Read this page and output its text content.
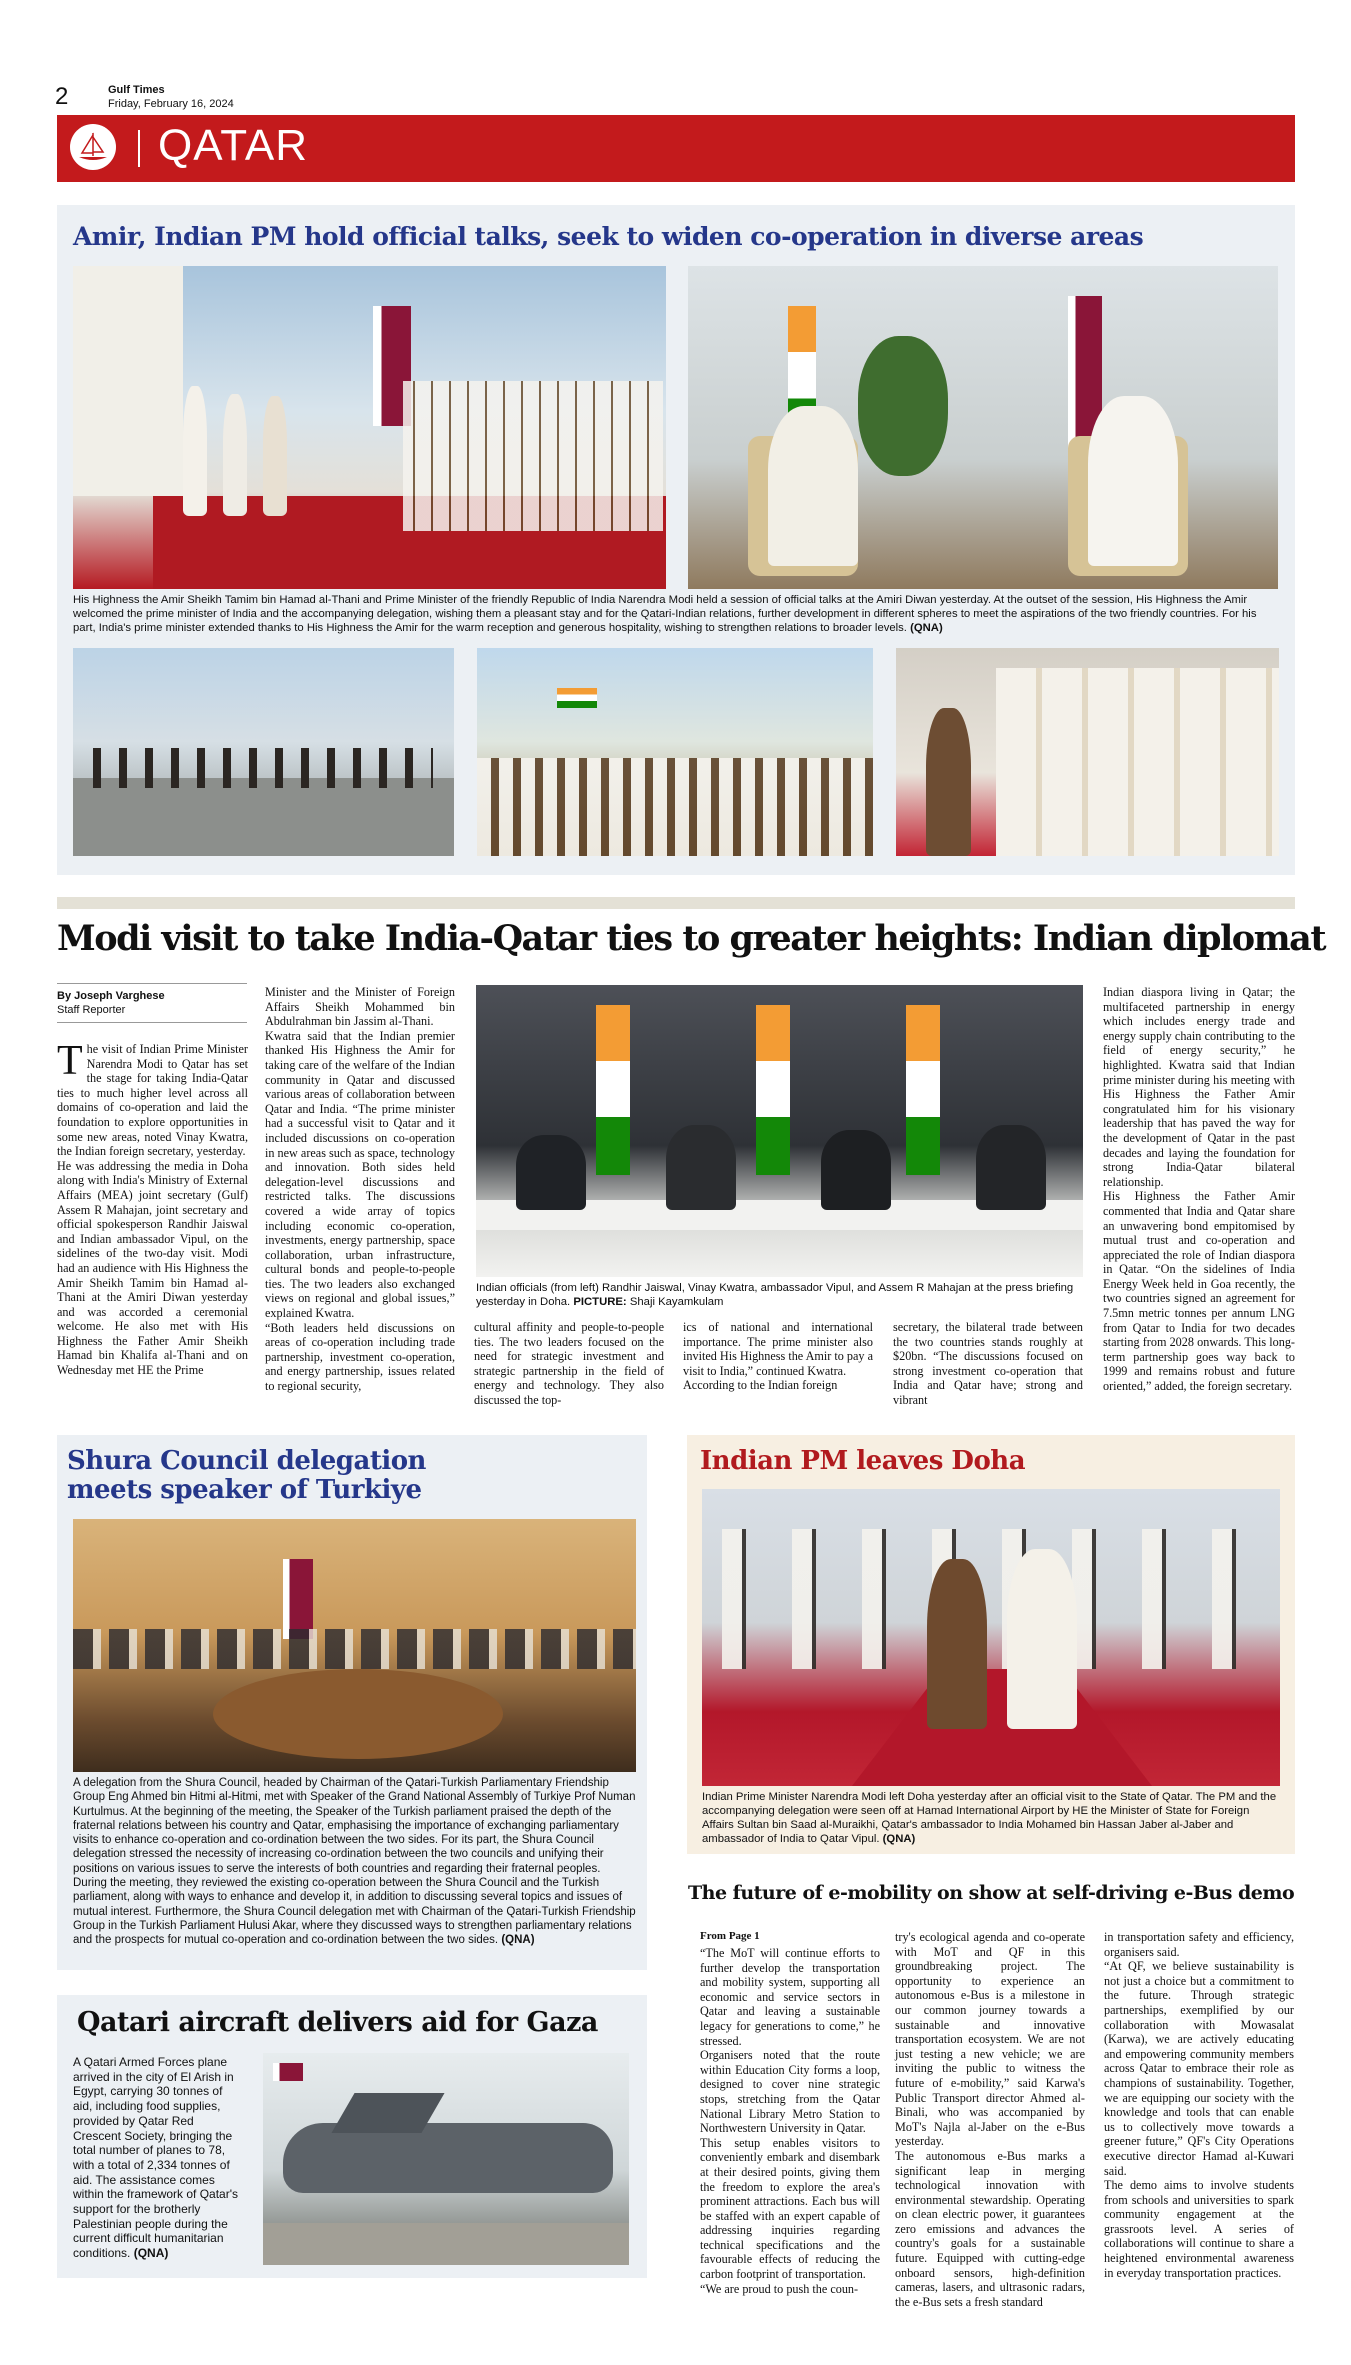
2	Gulf Times
Friday, February 16, 2024
QATAR
Amir, Indian PM hold official talks, seek to widen co-operation in diverse areas
His Highness the Amir Sheikh Tamim bin Hamad al-Thani and Prime Minister of the friendly Republic of India Narendra Modi held a session of official talks at the Amiri Diwan yesterday. At the outset of the session, His Highness the Amir welcomed the prime minister of India and the accompanying delegation, wishing them a pleasant stay and for the Qatari-Indian relations, further development in different spheres to meet the aspirations of the two friendly countries. For his part, India's prime minister extended thanks to His Highness the Amir for the warm reception and generous hospitality, wishing to strengthen relations to broader levels. (QNA)
Modi visit to take India-Qatar ties to greater heights: Indian diplomat
By Joseph Varghese
Staff Reporter
The visit of Indian Prime Minister Narendra Modi to Qatar has set the stage for taking India-Qatar ties to much higher level across all domains of co-operation and laid the foundation to explore opportunities in some new areas, noted Vinay Kwatra, the Indian foreign secretary, yesterday.
He was addressing the media in Doha along with India's Ministry of External Affairs (MEA) joint secretary (Gulf) Assem R Mahajan, joint secretary and official spokesperson Randhir Jaiswal and Indian ambassador Vipul, on the sidelines of the two-day visit. Modi had an audience with His Highness the Amir Sheikh Tamim bin Hamad al-Thani at the Amiri Diwan yesterday and was accorded a ceremonial welcome. He also met with His Highness the Father Amir Sheikh Hamad bin Khalifa al-Thani and on Wednesday met HE the Prime
Minister and the Minister of Foreign Affairs Sheikh Mohammed bin Abdulrahman bin Jassim al-Thani.
Kwatra said that the Indian premier thanked His Highness the Amir for taking care of the welfare of the Indian community in Qatar and discussed various areas of collaboration between Qatar and India. “The prime minister had a successful visit to Qatar and it included discussions on co-operation in new areas such as space, technology and innovation. Both sides held delegation-level discussions and restricted talks. The discussions covered a wide array of topics including economic co-operation, investments, energy partnership, space collaboration, urban infrastructure, cultural bonds and people-to-people ties. The two leaders also exchanged views on regional and global issues,” explained Kwatra.
“Both leaders held discussions on areas of co-operation including trade partnership, investment co-operation, and energy partnership, issues related to regional security,
Indian officials (from left) Randhir Jaiswal, Vinay Kwatra, ambassador Vipul, and Assem R Mahajan at the press briefing yesterday in Doha. PICTURE: Shaji Kayamkulam
cultural affinity and people-to-people ties. The two leaders focused on the need for strategic investment and strategic partnership in the field of energy and technology. They also discussed the top-
ics of national and international importance. The prime minister also invited His Highness the Amir to pay a visit to India,” continued Kwatra.
According to the Indian foreign
secretary, the bilateral trade between the two countries stands roughly at $20bn. “The discussions focused on strong investment co-operation that India and Qatar have; strong and vibrant
Indian diaspora living in Qatar; the multifaceted partnership in energy which includes energy trade and energy supply chain contributing to the field of energy security,” he highlighted. Kwatra said that Indian prime minister during his meeting with His Highness the Father Amir congratulated him for his visionary leadership that has paved the way for the development of Qatar in the past decades and laying the foundation for strong India-Qatar bilateral relationship.
His Highness the Father Amir commented that India and Qatar share an unwavering bond empitomised by mutual trust and co-operation and appreciated the role of Indian diaspora in Qatar. “On the sidelines of India Energy Week held in Goa recently, the two countries signed an agreement for 7.5mn metric tonnes per annum LNG from Qatar to India for two decades starting from 2028 onwards. This long-term partnership goes way back to 1999 and remains robust and future oriented,” added, the foreign secretary.
Shura Council delegation meets speaker of Turkiye
A delegation from the Shura Council, headed by Chairman of the Qatari-Turkish Parliamentary Friendship Group Eng Ahmed bin Hitmi al-Hitmi, met with Speaker of the Grand National Assembly of Turkiye Prof Numan Kurtulmus. At the beginning of the meeting, the Speaker of the Turkish parliament praised the depth of the fraternal relations between his country and Qatar, emphasising the importance of exchanging parliamentary visits to enhance co-operation and co-ordination between the two sides. For its part, the Shura Council delegation stressed the necessity of increasing co-ordination between the two councils and unifying their positions on various issues to serve the interests of both countries and regarding their fraternal peoples. During the meeting, they reviewed the existing co-operation between the Shura Council and the Turkish parliament, along with ways to enhance and develop it, in addition to discussing several topics and issues of mutual interest. Furthermore, the Shura Council delegation met with Chairman of the Qatari-Turkish Friendship Group in the Turkish Parliament Hulusi Akar, where they discussed ways to strengthen parliamentary relations and the prospects for mutual co-operation and co-ordination between the two sides. (QNA)
Qatari aircraft delivers aid for Gaza
A Qatari Armed Forces plane arrived in the city of El Arish in Egypt, carrying 30 tonnes of aid, including food supplies, provided by Qatar Red Crescent Society, bringing the total number of planes to 78, with a total of 2,334 tonnes of aid. The assistance comes within the framework of Qatar's support for the brotherly Palestinian people during the current difficult humanitarian conditions. (QNA)
Indian PM leaves Doha
Indian Prime Minister Narendra Modi left Doha yesterday after an official visit to the State of Qatar. The PM and the accompanying delegation were seen off at Hamad International Airport by HE the Minister of State for Foreign Affairs Sultan bin Saad al-Muraikhi, Qatar's ambassador to India Mohamed bin Hassan Jaber al-Jaber and ambassador of India to Qatar Vipul. (QNA)
The future of e-mobility on show at self-driving e-Bus demo
From Page 1
“The MoT will continue efforts to further develop the transportation and mobility system, supporting all economic and service sectors in Qatar and leaving a sustainable legacy for generations to come,” he stressed.
Organisers noted that the route within Education City forms a loop, designed to cover nine strategic stops, stretching from the Qatar National Library Metro Station to Northwestern University in Qatar.
This setup enables visitors to conveniently embark and disembark at their desired points, giving them the freedom to explore the area's prominent attractions. Each bus will be staffed with an expert capable of addressing inquiries regarding technical specifications and the favourable effects of reducing the carbon footprint of transportation.
“We are proud to push the coun-
try's ecological agenda and co-operate with MoT and QF in this groundbreaking project. The opportunity to experience an autonomous e-Bus is a milestone in our common journey towards a sustainable and innovative transportation ecosystem. We are not just testing a new vehicle; we are inviting the public to witness the future of e-mobility,” said Karwa's Public Transport director Ahmed al-Binali, who was accompanied by MoT's Najla al-Jaber on the e-Bus yesterday.
The autonomous e-Bus marks a significant leap in merging technological innovation with environmental stewardship. Operating on clean electric power, it guarantees zero emissions and advances the country's goals for a sustainable future. Equipped with cutting-edge onboard sensors, high-definition cameras, lasers, and ultrasonic radars, the e-Bus sets a fresh standard
in transportation safety and efficiency, organisers said.
“At QF, we believe sustainability is not just a choice but a commitment to the future. Through strategic partnerships, exemplified by our collaboration with Mowasalat (Karwa), we are actively educating and empowering community members across Qatar to embrace their role as champions of sustainability. Together, we are equipping our society with the knowledge and tools that can enable us to collectively move towards a greener future,” QF's City Operations executive director Hamad al-Kuwari said.
The demo aims to involve students from schools and universities to spark community engagement at the grassroots level. A series of collaborations will continue to share a heightened environmental awareness in everyday transportation practices.
